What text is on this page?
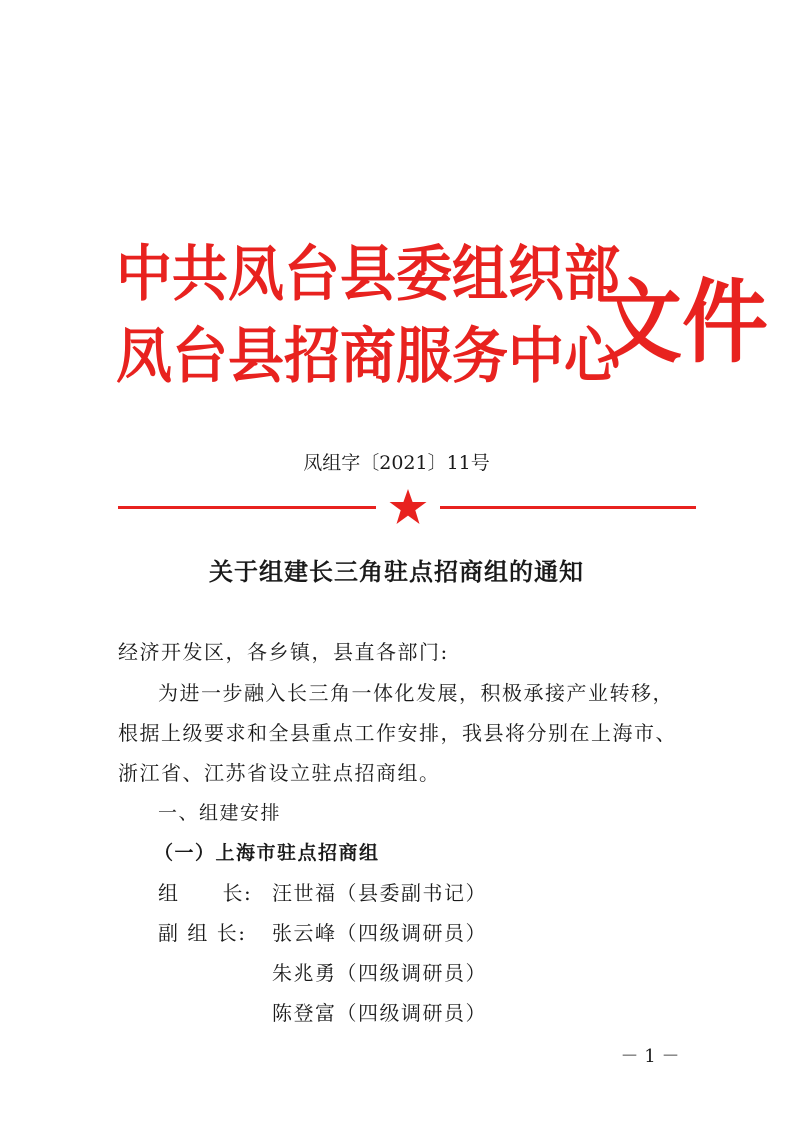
中共凤台县委组织部
凤台县招商服务中心
文件
凤组字〔2021〕11号
关于组建长三角驻点招商组的通知
经济开发区，各乡镇，县直各部门:
为进一步融入长三角一体化发展，积极承接产业转移，
根据上级要求和全县重点工作安排，我县将分别在上海市、
浙江省、江苏省设立驻点招商组。
一、组建安排
（一）上海市驻点招商组
组　　长: 汪世福（县委副书记）
副 组 长: 张云峰（四级调研员）
朱兆勇（四级调研员）
陈登富（四级调研员）
－ 1 －
